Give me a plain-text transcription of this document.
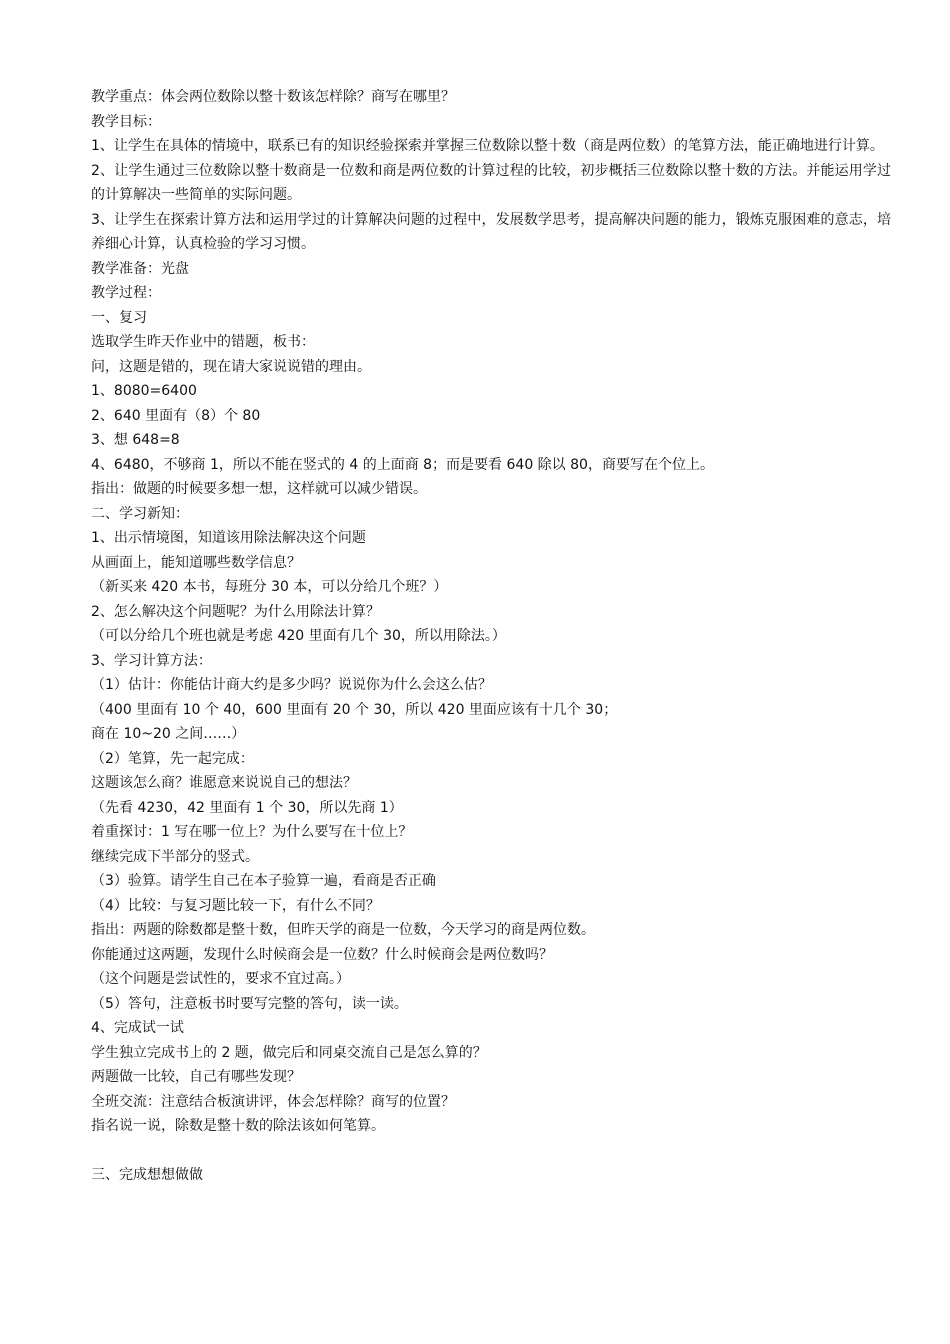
教学重点：体会两位数除以整十数该怎样除？商写在哪里？

教学目标：

1、让学生在具体的情境中，联系已有的知识经验探索并掌握三位数除以整十数（商是两位数）的笔算方法，能正确地进行计算。

2、让学生通过三位数除以整十数商是一位数和商是两位数的计算过程的比较，初步概括三位数除以整十数的方法。并能运用学过的计算解决一些简单的实际问题。

3、让学生在探索计算方法和运用学过的计算解决问题的过程中，发展数学思考，提高解决问题的能力，锻炼克服困难的意志，培养细心计算，认真检验的学习习惯。

教学准备：光盘

教学过程：

一、复习

选取学生昨天作业中的错题，板书：

问，这题是错的，现在请大家说说错的理由。

1、8080=6400

2、640 里面有（8）个 80

3、想 648=8

4、6480，不够商 1，所以不能在竖式的 4 的上面商 8；而是要看 640 除以 80，商要写在个位上。

指出：做题的时候要多想一想，这样就可以减少错误。

二、学习新知：

1、出示情境图，知道该用除法解决这个问题

从画面上，能知道哪些数学信息？

（新买来 420 本书，每班分 30 本，可以分给几个班？）

2、怎么解决这个问题呢？为什么用除法计算？

（可以分给几个班也就是考虑 420 里面有几个 30，所以用除法。）

3、学习计算方法：

（1）估计：你能估计商大约是多少吗？说说你为什么会这么估？

（400 里面有 10 个 40，600 里面有 20 个 30，所以 420 里面应该有十几个 30；

商在 10~20 之间……）

（2）笔算，先一起完成：

这题该怎么商？谁愿意来说说自己的想法？

（先看 4230，42 里面有 1 个 30，所以先商 1）

着重探讨：1 写在哪一位上？为什么要写在十位上？

继续完成下半部分的竖式。

（3）验算。请学生自己在本子验算一遍，看商是否正确

（4）比较：与复习题比较一下，有什么不同？

指出：两题的除数都是整十数，但昨天学的商是一位数，今天学习的商是两位数。

你能通过这两题，发现什么时候商会是一位数？什么时候商会是两位数吗？

（这个问题是尝试性的，要求不宜过高。）

（5）答句，注意板书时要写完整的答句，读一读。

4、完成试一试

学生独立完成书上的 2 题，做完后和同桌交流自己是怎么算的？

两题做一比较，自己有哪些发现？

全班交流：注意结合板演讲评，体会怎样除？商写的位置？

指名说一说，除数是整十数的除法该如何笔算。

三、完成想想做做
